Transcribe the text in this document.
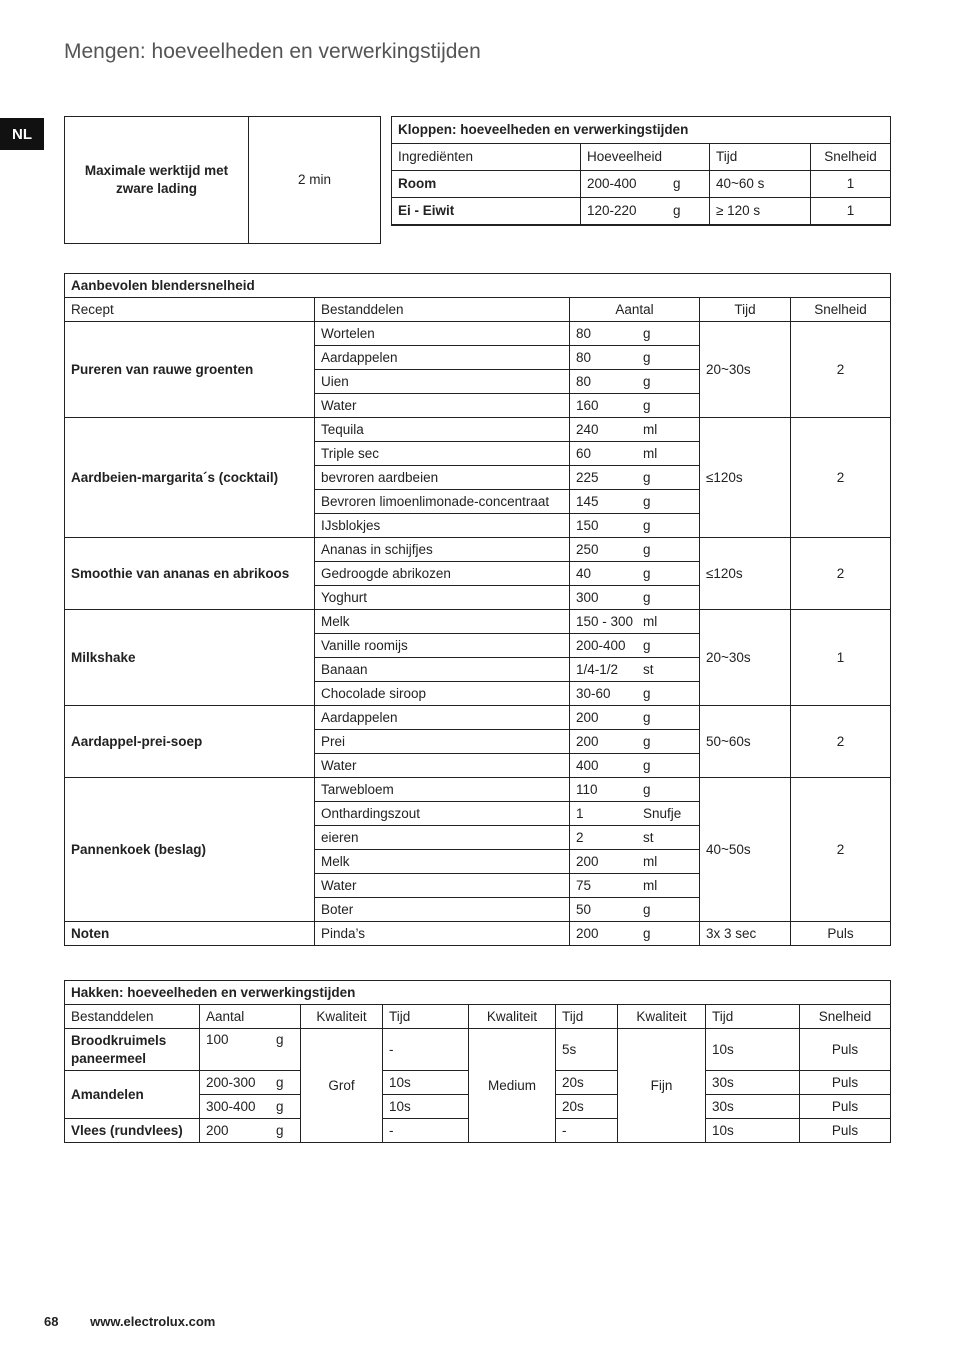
Mengen: hoeveelheden en verwerkingstijden
NL
Maximale werktijd met zware lading	2 min
Kloppen: hoeveelheden en verwerkingstijden			
Ingrediënten	Hoeveelheid	Tijd	Snelheid
Room	200-400 g	40~60 s	1
Ei - Eiwit	120-220 g	≥ 120 s	1
Aanbevolen blendersnelheid				
Recept	Bestanddelen	Aantal	Tijd	Snelheid
Pureren van rauwe groenten	Wortelen	80 g	20~30s	2
	Aardappelen	80 g		

	Uien	80 g		

	Water	160 g		

Aardbeien-margarita´s (cocktail)	Tequila	240 ml	≤120s	2
	Triple sec	60 ml		

	bevroren aardbeien	225 g		

	Bevroren limoenlimonade-concentraat	145 g		

	IJsblokjes	150 g		

Smoothie van ananas en abrikoos	Ananas in schijfjes	250 g	≤120s	2
	Gedroogde abrikozen	40 g		

	Yoghurt	300 g		

Milkshake	Melk	150 - 300 ml	20~30s	1
	Vanille roomijs	200-400 g		

	Banaan	1/4-1/2 st		

	Chocolade siroop	30-60 g		

Aardappel-prei-soep	Aardappelen	200 g	50~60s	2
	Prei	200 g		

	Water	400 g		

Pannenkoek (beslag)	Tarwebloem	110 g	40~50s	2
	Onthardingszout	1 Snufje		

	eieren	2 st		

	Melk	200 ml		

	Water	75 ml		

	Boter	50 g		

Noten	Pinda’s	200 g	3x 3 sec	Puls
Hakken: hoeveelheden en verwerkingstijden								
Bestanddelen	Aantal	Kwaliteit	Tijd	Kwaliteit	Tijd	Kwaliteit	Tijd	Snelheid
Broodkruimels paneermeel	100 g	Grof	-	Medium	5s	Fijn	10s	Puls
Amandelen	200-300 g		10s		20s		30s	Puls

	300-400 g		10s		20s		30s	Puls
Vlees (rundvlees)	200 g		-		-		10s	Puls
68 www.electrolux.com
